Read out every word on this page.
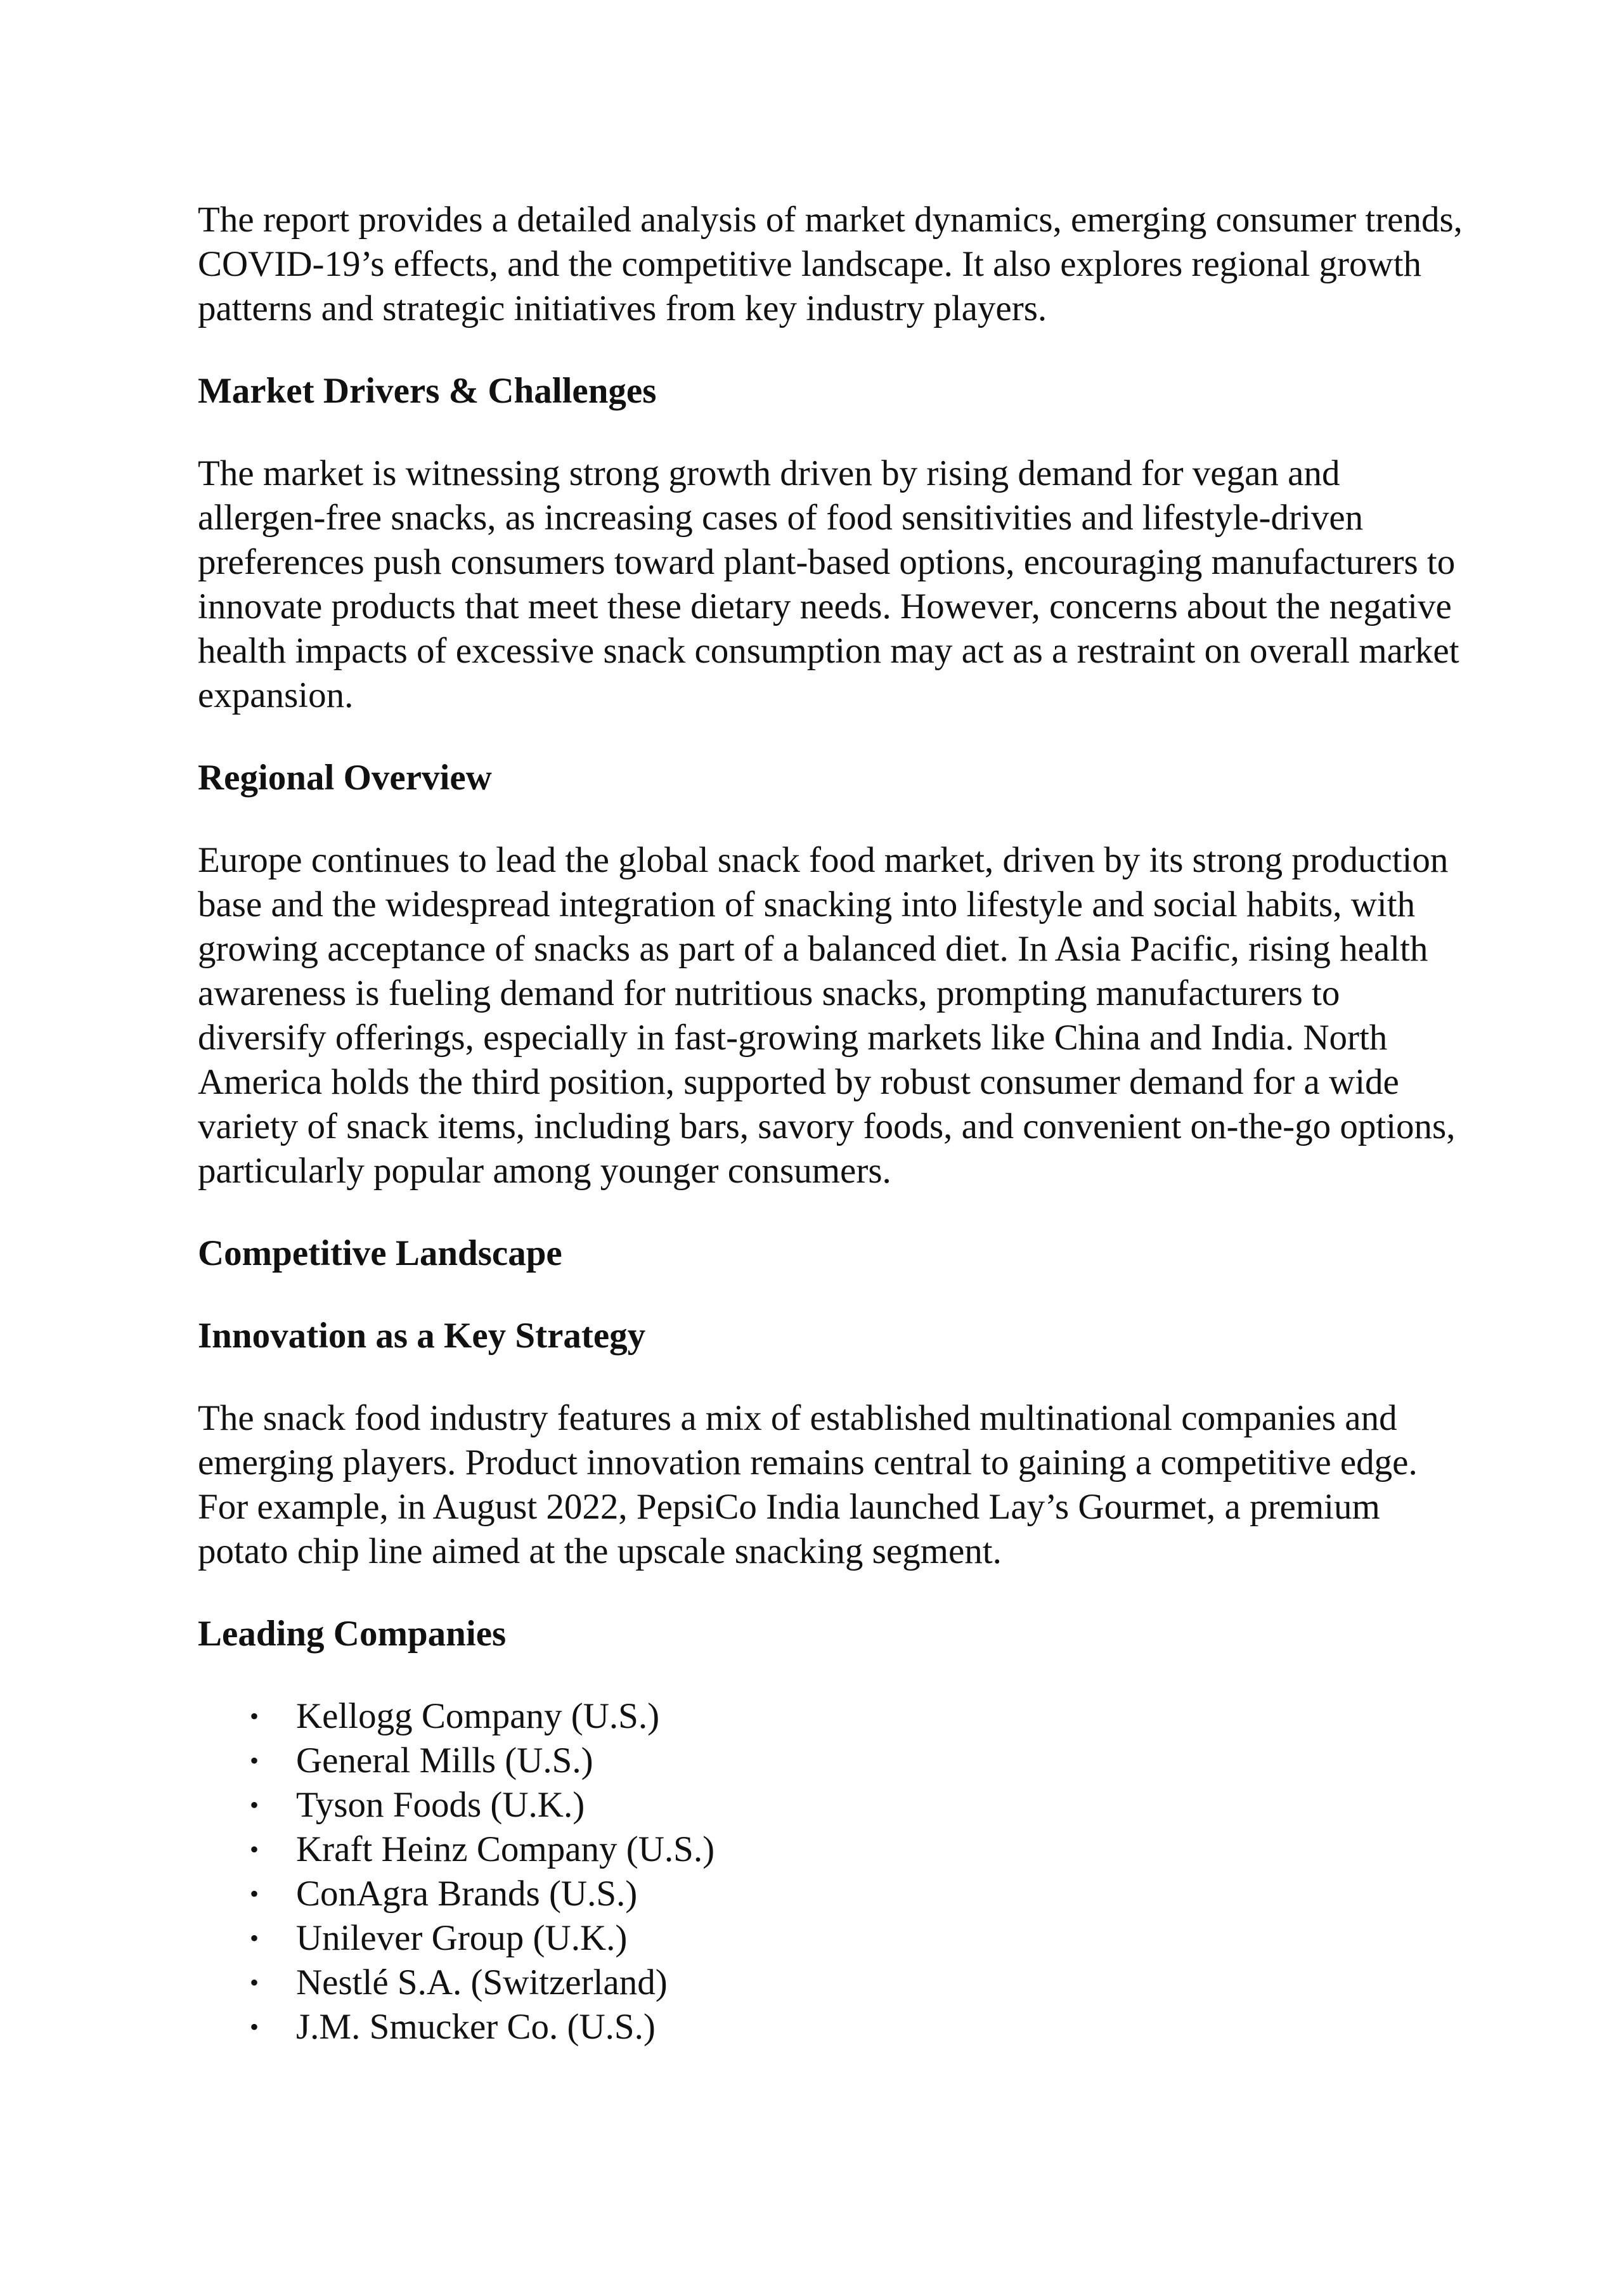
The report provides a detailed analysis of market dynamics, emerging consumer trends, COVID-19’s effects, and the competitive landscape. It also explores regional growth patterns and strategic initiatives from key industry players.

Market Drivers & Challenges

The market is witnessing strong growth driven by rising demand for vegan and allergen-free snacks, as increasing cases of food sensitivities and lifestyle-driven preferences push consumers toward plant-based options, encouraging manufacturers to innovate products that meet these dietary needs. However, concerns about the negative health impacts of excessive snack consumption may act as a restraint on overall market expansion.

Regional Overview

Europe continues to lead the global snack food market, driven by its strong production base and the widespread integration of snacking into lifestyle and social habits, with growing acceptance of snacks as part of a balanced diet. In Asia Pacific, rising health awareness is fueling demand for nutritious snacks, prompting manufacturers to diversify offerings, especially in fast-growing markets like China and India. North America holds the third position, supported by robust consumer demand for a wide variety of snack items, including bars, savory foods, and convenient on-the-go options, particularly popular among younger consumers.

Competitive Landscape
Innovation as a Key Strategy

The snack food industry features a mix of established multinational companies and emerging players. Product innovation remains central to gaining a competitive edge. For example, in August 2022, PepsiCo India launched Lay’s Gourmet, a premium potato chip line aimed at the upscale snacking segment.

Leading Companies
• Kellogg Company (U.S.)
• General Mills (U.S.)
• Tyson Foods (U.K.)
• Kraft Heinz Company (U.S.)
• ConAgra Brands (U.S.)
• Unilever Group (U.K.)
• Nestlé S.A. (Switzerland)
• J.M. Smucker Co. (U.S.)
